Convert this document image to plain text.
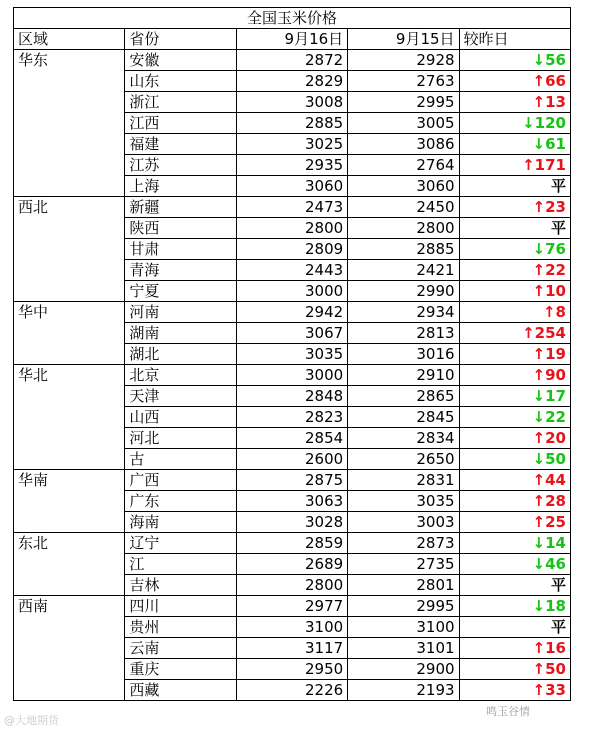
全国玉米价格				
区域	省份	9月16日	9月15日	较昨日
华东	安徽	2872	2928	↓56
	山东	2829	2763	↑66
	浙江	3008	2995	↑13
	江西	2885	3005	↓120
	福建	3025	3086	↓61
	江苏	2935	2764	↑171
	上海	3060	3060	平
西北	新疆	2473	2450	↑23
	陕西	2800	2800	平
	甘肃	2809	2885	↓76
	青海	2443	2421	↑22
	宁夏	3000	2990	↑10
华中	河南	2942	2934	↑8
	湖南	3067	2813	↑254
	湖北	3035	3016	↑19
华北	北京	3000	2910	↑90
	天津	2848	2865	↓17
	山西	2823	2845	↓22
	河北	2854	2834	↑20
	古	2600	2650	↓50
华南	广西	2875	2831	↑44
	广东	3063	3035	↑28
	海南	3028	3003	↑25
东北	辽宁	2859	2873	↓14
	江	2689	2735	↓46
	吉林	2800	2801	平
西南	四川	2977	2995	↓18
	贵州	3100	3100	平
	云南	3117	3101	↑16
	重庆	2950	2900	↑50
	西藏	2226	2193	↑33
@大地期货
鸣玉谷情
